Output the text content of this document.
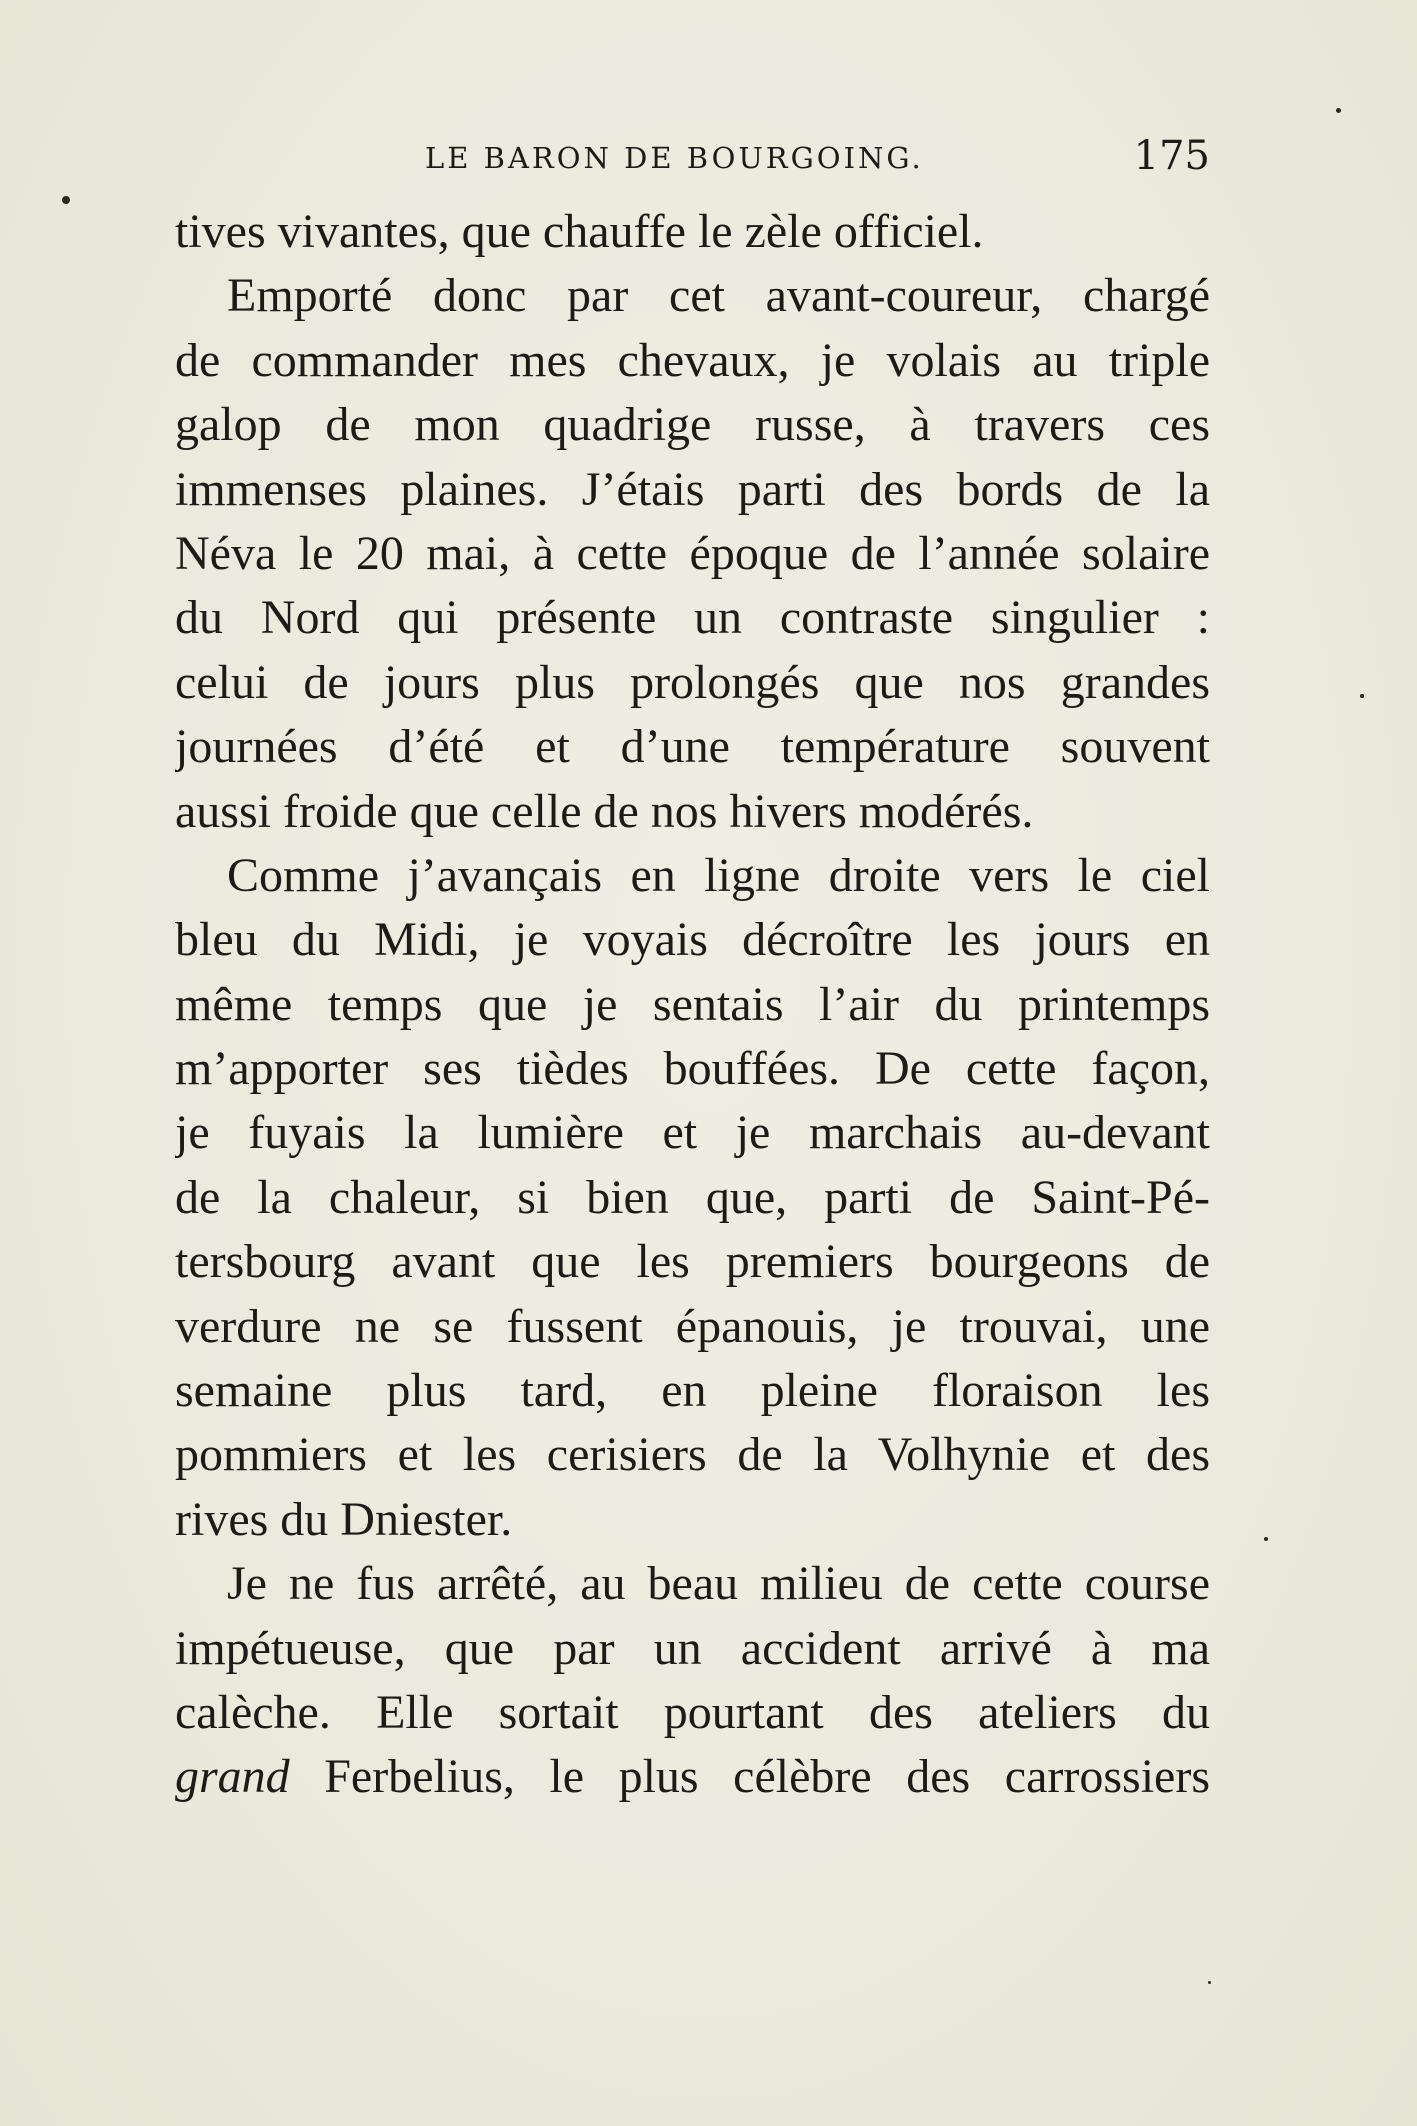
LE BARON DE BOURGOING.	175
tives vivantes, que chauffe le zèle officiel.
Emporté donc par cet avant-coureur, chargé
de commander mes chevaux, je volais au triple
galop de mon quadrige russe, à travers ces
immenses plaines. J’étais parti des bords de la
Néva le 20 mai, à cette époque de l’année solaire
du Nord qui présente un contraste singulier :
celui de jours plus prolongés que nos grandes
journées d’été et d’une température souvent
aussi froide que celle de nos hivers modérés.
Comme j’avançais en ligne droite vers le ciel
bleu du Midi, je voyais décroître les jours en
même temps que je sentais l’air du printemps
m’apporter ses tièdes bouffées. De cette façon,
je fuyais la lumière et je marchais au-devant
de la chaleur, si bien que, parti de Saint-Pé-
tersbourg avant que les premiers bourgeons de
verdure ne se fussent épanouis, je trouvai, une
semaine plus tard, en pleine floraison les
pommiers et les cerisiers de la Volhynie et des
rives du Dniester.
Je ne fus arrêté, au beau milieu de cette course
impétueuse, que par un accident arrivé à ma
calèche. Elle sortait pourtant des ateliers du
grand Ferbelius, le plus célèbre des carrossiers
